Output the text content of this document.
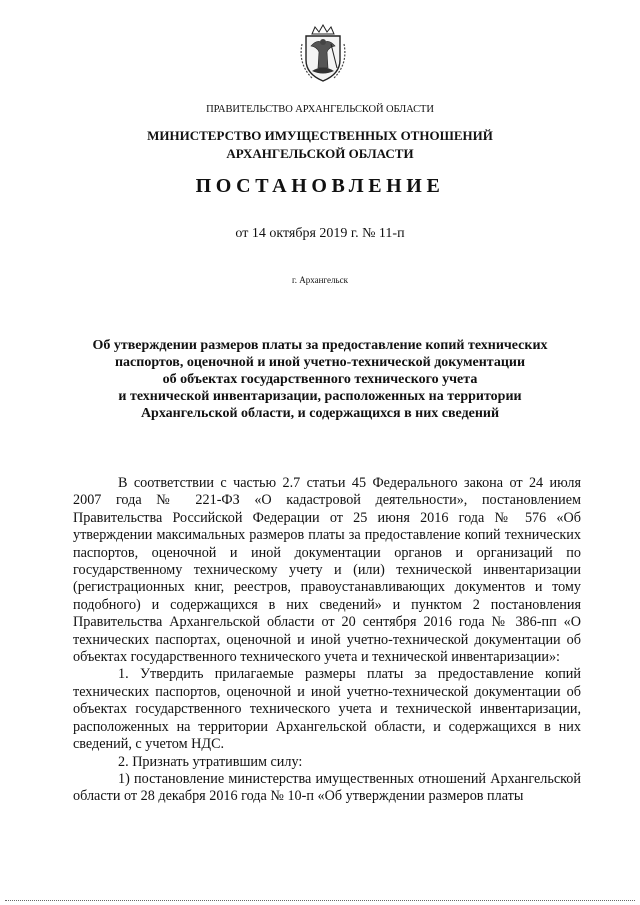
ПРАВИТЕЛЬСТВО АРХАНГЕЛЬСКОЙ ОБЛАСТИ
МИНИСТЕРСТВО ИМУЩЕСТВЕННЫХ ОТНОШЕНИЙ
АРХАНГЕЛЬСКОЙ ОБЛАСТИ
ПОСТАНОВЛЕНИЕ
от 14 октября 2019 г. № 11-п
г. Архангельск
Об утверждении размеров платы за предоставление копий технических
паспортов, оценочной и иной учетно-технической документации
об объектах государственного технического учета
и технической инвентаризации, расположенных на территории
Архангельской области, и содержащихся в них сведений

В соответствии с частью 2.7 статьи 45 Федерального закона от 24 июля 2007 года № 221-ФЗ «О кадастровой деятельности», постановлением Правительства Российской Федерации от 25 июня 2016 года № 576 «Об утверждении максимальных размеров платы за предоставление копий технических паспортов, оценочной и иной документации органов и организаций по государственному техническому учету и (или) технической инвентаризации (регистрационных книг, реестров, правоустанавливающих документов и тому подобного) и содержащихся в них сведений» и пунктом 2 постановления Правительства Архангельской области от 20 сентября 2016 года № 386-пп «О технических паспортах, оценочной и иной учетно-технической документации об объектах государственного технического учета и технической инвентаризации»:

1. Утвердить прилагаемые размеры платы за предоставление копий технических паспортов, оценочной и иной учетно-технической документации об объектах государственного технического учета и технической инвентаризации, расположенных на территории Архангельской области, и содержащихся в них сведений, с учетом НДС.

2. Признать утратившим силу:

1) постановление министерства имущественных отношений Архангельской области от 28 декабря 2016 года № 10-п «Об утверждении размеров платы
